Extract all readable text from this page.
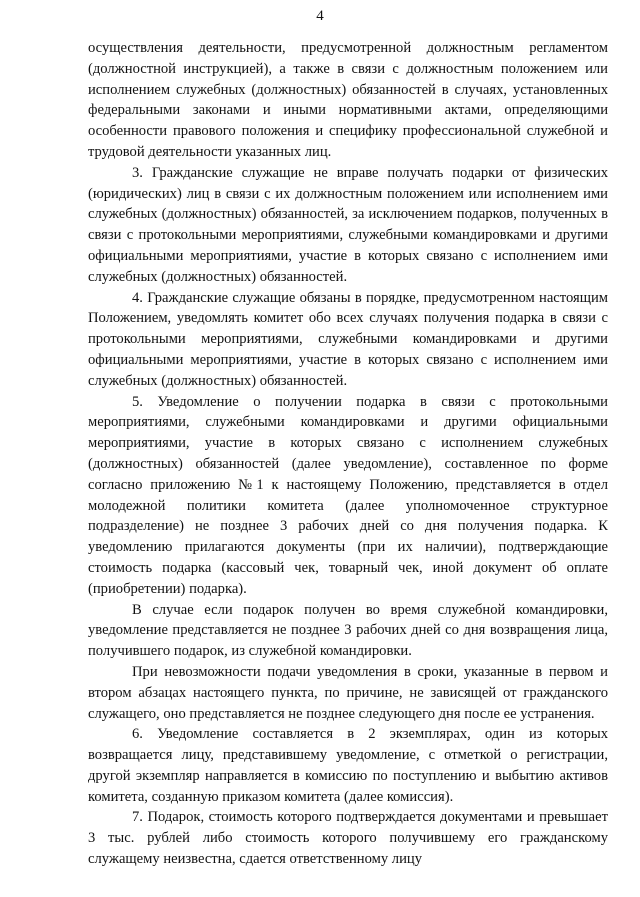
4

осуществления деятельности, предусмотренной должностным регламентом (должностной инструкцией), а также в связи с должностным положением или исполнением служебных (должностных) обязанностей в случаях, установленных федеральными законами и иными нормативными актами, определяющими особенности правового положения и специфику профессиональной служебной и трудовой деятельности указанных лиц.

3. Гражданские служащие не вправе получать подарки от физических (юридических) лиц в связи с их должностным положением или исполнением ими служебных (должностных) обязанностей, за исключением подарков, полученных в связи с протокольными мероприятиями, служебными командировками и другими официальными мероприятиями, участие в которых связано с исполнением ими служебных (должностных) обязанностей.

4. Гражданские служащие обязаны в порядке, предусмотренном настоящим Положением, уведомлять комитет обо всех случаях получения подарка в связи с протокольными мероприятиями, служебными командировками и другими официальными мероприятиями, участие в которых связано с исполнением ими служебных (должностных) обязанностей.

5. Уведомление о получении подарка в связи с протокольными мероприятиями, служебными командировками и другими официальными мероприятиями, участие в которых связано с исполнением служебных (должностных) обязанностей (далее уведомление), составленное по форме согласно приложению №1 к настоящему Положению, представляется в отдел молодежной политики комитета (далее уполномоченное структурное подразделение) не позднее 3 рабочих дней со дня получения подарка. К уведомлению прилагаются документы (при их наличии), подтверждающие стоимость подарка (кассовый чек, товарный чек, иной документ об оплате (приобретении) подарка).

В случае если подарок получен во время служебной командировки, уведомление представляется не позднее 3 рабочих дней со дня возвращения лица, получившего подарок, из служебной командировки.

При невозможности подачи уведомления в сроки, указанные в первом и втором абзацах настоящего пункта, по причине, не зависящей от гражданского служащего, оно представляется не позднее следующего дня после ее устранения.

6. Уведомление составляется в 2 экземплярах, один из которых возвращается лицу, представившему уведомление, с отметкой о регистрации, другой экземпляр направляется в комиссию по поступлению и выбытию активов комитета, созданную приказом комитета (далее комиссия).

7. Подарок, стоимость которого подтверждается документами и превышает 3 тыс. рублей либо стоимость которого получившему его гражданскому служащему неизвестна, сдается ответственному лицу
